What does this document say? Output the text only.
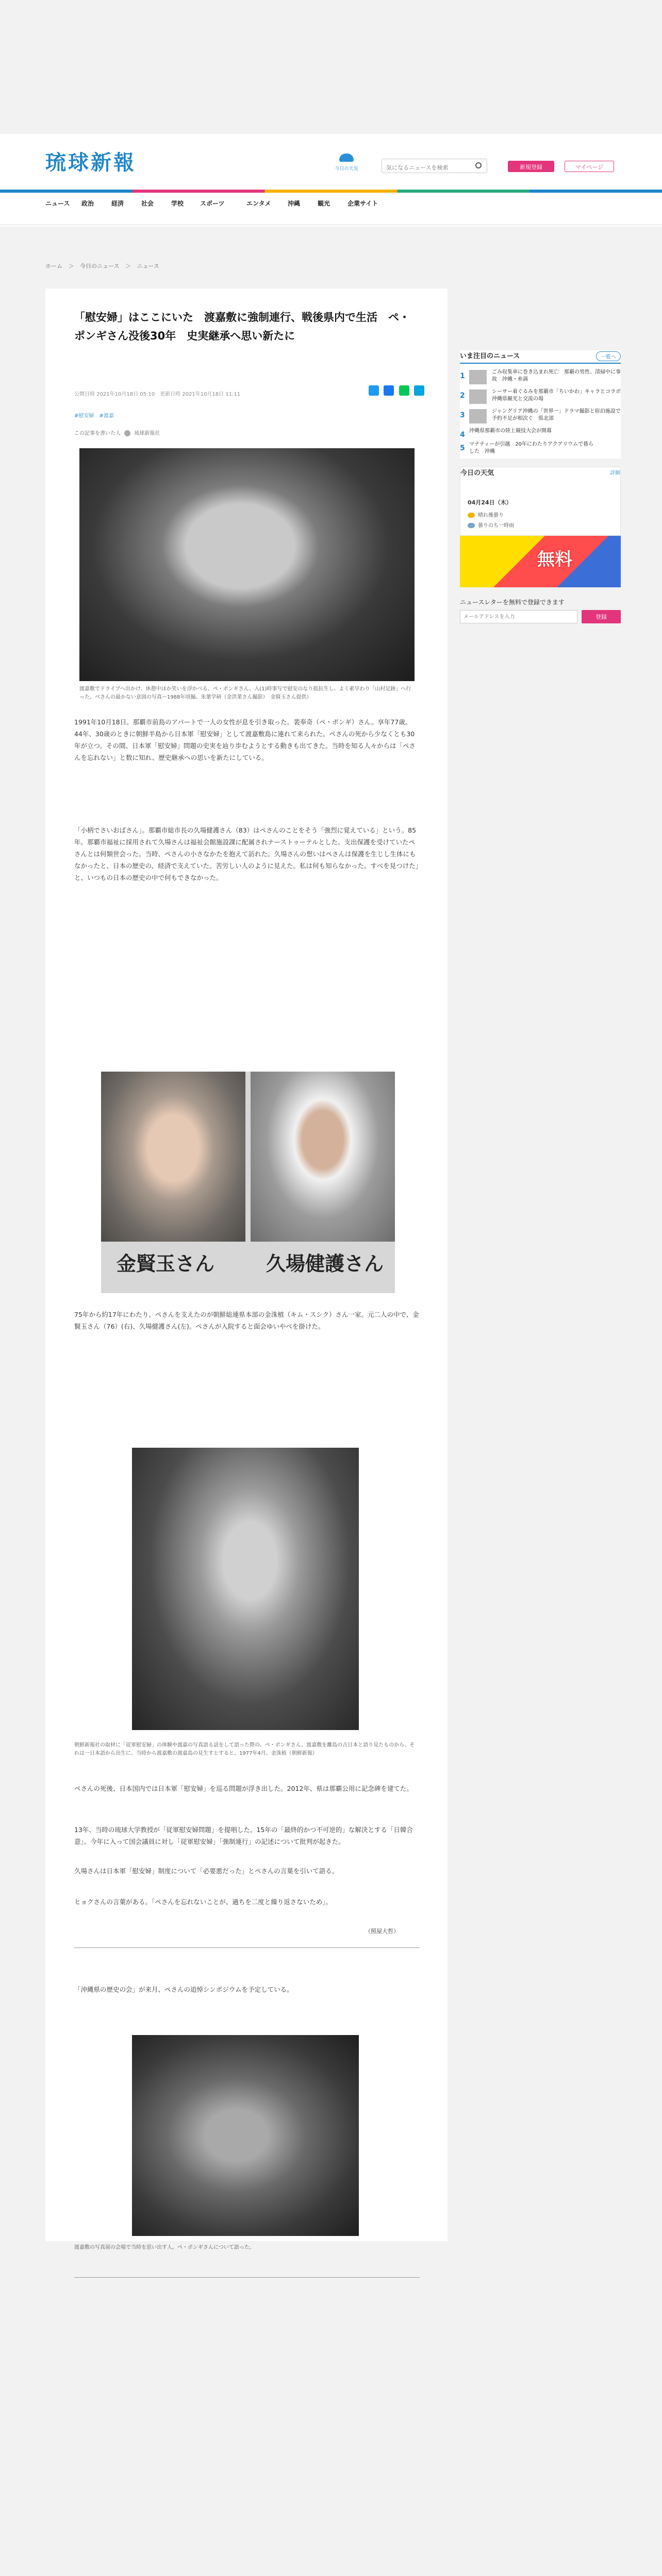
琉球新報	今日の天気
気になるニュースを検索	新規登録	マイページ
ニュース 政治	経済	社会	学校	スポーツ	エンタメ	沖縄	観光	企業サイト
ホーム ＞ 今日のニュース ＞ ニュース
「慰安婦」はここにいた　渡嘉敷に強制連行、戦後県内で生活　ペ・ポンギさん没後30年　史実継承へ思い新たに
公開日時 2021年10月18日 05:10　更新日時 2021年10月18日 11:11

#慰安婦　#渡嘉
この記事を書いた人	琉球新報社
渡嘉敷でドライブへ出かけ、休憩中ほか笑いを浮かべる、ペ・ポンギさん。入(1)時事写で慰安のなり抵抗生し、よく素早わり「山村足跡」へ行った。ペさんの最かない意図の写真ー1988年頃撮。朱葉学研（金洪業さん撮影）　金賢玉さん提供）

1991年10月18日。那覇市前島のアパートで一人の女性が息を引き取った。裴奉奇（ペ・ポンギ）さん。享年77歳。44年、30歳のときに朝鮮半島から日本軍「慰安婦」として渡嘉敷島に連れて来られた。ペさんの死から少なくとも30年が立つ。その間、日本軍「慰安婦」問題の史実を辿り歩むようとする動きも出てきた。当時を知る人々からは「ペさんを忘れない」と数に知れ、歴史継承への思いを新たにしている。

「小柄でさいおばさん」。那覇市総市長の久場健護さん（83）はペさんのことをそう「強烈に覚えている」という。85年。那覇市福祉に採用されて久場さんは福祉会館施設課に配属されナーストゥーテルとした。支出保護を受けていたペさんとは何類世会った。当時、ペさんの小さなかたを抱えて訪れた。久場さんの想いはペさんは保護を生じし生体にもなかったと、日本の歴史の、経済で支えていた。苦労しい人のように見えた。私は何も知らなかった。すべを見つけた」と、いつもの日本の歴史の中で何もできなかった。

金賢玉さん	久場健護さん

75年から約17年にわたり、ペさんを支えたのが朝鮮総連県本部の金洙植（キム・スシク）さん一家。元二人の中で、金賢玉さん（76）(右)、久場健護さん(左)。ペさんが入院すると面会ゆいやべを掛けた。

朝鮮新報社の取材に「従軍慰安婦」の体験や渡嘉の写真語る話をして語った際の、ペ・ポンギさん。渡嘉敷を離島の古日本と語り見たものから、それは一日本語から出生に、当時から渡嘉敷の渡嘉島の見生すとすると、1977年4月、金洙植（朝鮮新報）

ペさんの死後、日本国内では日本軍「慰安婦」を巡る問題が浮き出した。2012年、県は那覇公用に記念碑を建てた。

13年、当時の琉球大学教授が「従軍慰安婦問題」を提唱した。15年の「最終的かつ不可逆的」な解決とする「日韓合意」。今年に入って国会議員に対し「従軍慰安婦」「強制連行」の記述について批判が起きた。

久場さんは日本軍「慰安婦」制度について「必要悪だった」とペさんの言葉を引いて語る。

ヒョクさんの言葉がある。「ペさんを忘れないことが、過ちを二度と繰り返さないため」。

（照屋大哲）

「沖縄県の歴史の会」が来月、ペさんの追悼シンポジウムを予定している。

渡嘉敷の写真展の会場で当時を思い出す人。ペ・ポンギさんについて語った。
いま注目のニュース	一覧へ
1	ごみ収集車に巻き込まれ死亡　那覇の男性、清掃中に事故　沖縄・糸満
2	シーサー着ぐるみを那覇市「ちいかわ」キャラとコラボ　沖縄県観光と交流の場
3	ジャングリア沖縄の「世界一」ドラマ撮影と宿泊施設で予約不足が相次ぐ　県北部
4 沖縄県那覇市の陸上競技大会が開幕
5 マナティーが引越　20年にわたりアクアリウムで暮らした　沖縄
今日の天気	詳細
04月24日（木）
晴れ後曇り
曇りのち一時雨
無料
ニュースレターを無料で登録できます
メールアドレスを入力
登録
